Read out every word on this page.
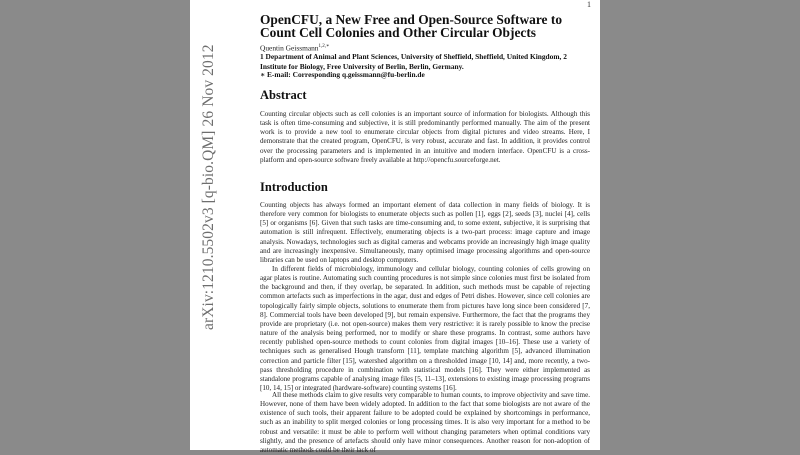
arXiv:1210.5502v3 [q-bio.QM] 26 Nov 2012
1
OpenCFU, a New Free and Open-Source Software to Count Cell Colonies and Other Circular Objects
Quentin Geissmann$^{1,2,∗}$
1 Department of Animal and Plant Sciences, University of Sheffield, Sheffield, United Kingdom, 2 Institute for Biology, Free University of Berlin, Berlin, Germany.
∗ E-mail: Corresponding q.geissmann@fu-berlin.de
Abstract
Counting circular objects such as cell colonies is an important source of information for biologists. Although this task is often time-consuming and subjective, it is still predominantly performed manually. The aim of the present work is to provide a new tool to enumerate circular objects from digital pictures and video streams. Here, I demonstrate that the created program, OpenCFU, is very robust, accurate and fast. In addition, it provides control over the processing parameters and is implemented in an intuitive and modern interface. OpenCFU is a cross-platform and open-source software freely available at http://opencfu.sourceforge.net.
Introduction
Counting objects has always formed an important element of data collection in many fields of biology. It is therefore very common for biologists to enumerate objects such as pollen [1], eggs [2], seeds [3], nuclei [4], cells [5] or organisms [6]. Given that such tasks are time-consuming and, to some extent, subjective, it is surprising that automation is still infrequent. Effectively, enumerating objects is a two-part process: image capture and image analysis. Nowadays, technologies such as digital cameras and webcams provide an increasingly high image quality and are increasingly inexpensive. Simultaneously, many optimised image processing algorithms and open-source libraries can be used on laptops and desktop computers.
In different fields of microbiology, immunology and cellular biology, counting colonies of cells growing on agar plates is routine. Automating such counting procedures is not simple since colonies must first be isolated from the background and then, if they overlap, be separated. In addition, such methods must be capable of rejecting common artefacts such as imperfections in the agar, dust and edges of Petri dishes. However, since cell colonies are topologically fairly simple objects, solutions to enumerate them from pictures have long since been considered [7, 8]. Commercial tools have been developed [9], but remain expensive. Furthermore, the fact that the programs they provide are proprietary (i.e. not open-source) makes them very restrictive: it is rarely possible to know the precise nature of the analysis being performed, nor to modify or share these programs. In contrast, some authors have recently published open-source methods to count colonies from digital images [10–16]. These use a variety of techniques such as generalised Hough transform [11], template matching algorithm [5], advanced illumination correction and particle filter [15], watershed algorithm on a thresholded image [10, 14] and, more recently, a two-pass thresholding procedure in combination with statistical models [16]. They were either implemented as standalone programs capable of analysing image files [5, 11–13], extensions to existing image processing programs [10, 14, 15] or integrated (hardware-software) counting systems [16].
All these methods claim to give results very comparable to human counts, to improve objectivity and save time. However, none of them have been widely adopted. In addition to the fact that some biologists are not aware of the existence of such tools, their apparent failure to be adopted could be explained by shortcomings in performance, such as an inability to split merged colonies or long processing times. It is also very important for a method to be robust and versatile: it must be able to perform well without changing parameters when optimal conditions vary slightly, and the presence of artefacts should only have minor consequences. Another reason for non-adoption of automatic methods could be their lack of
